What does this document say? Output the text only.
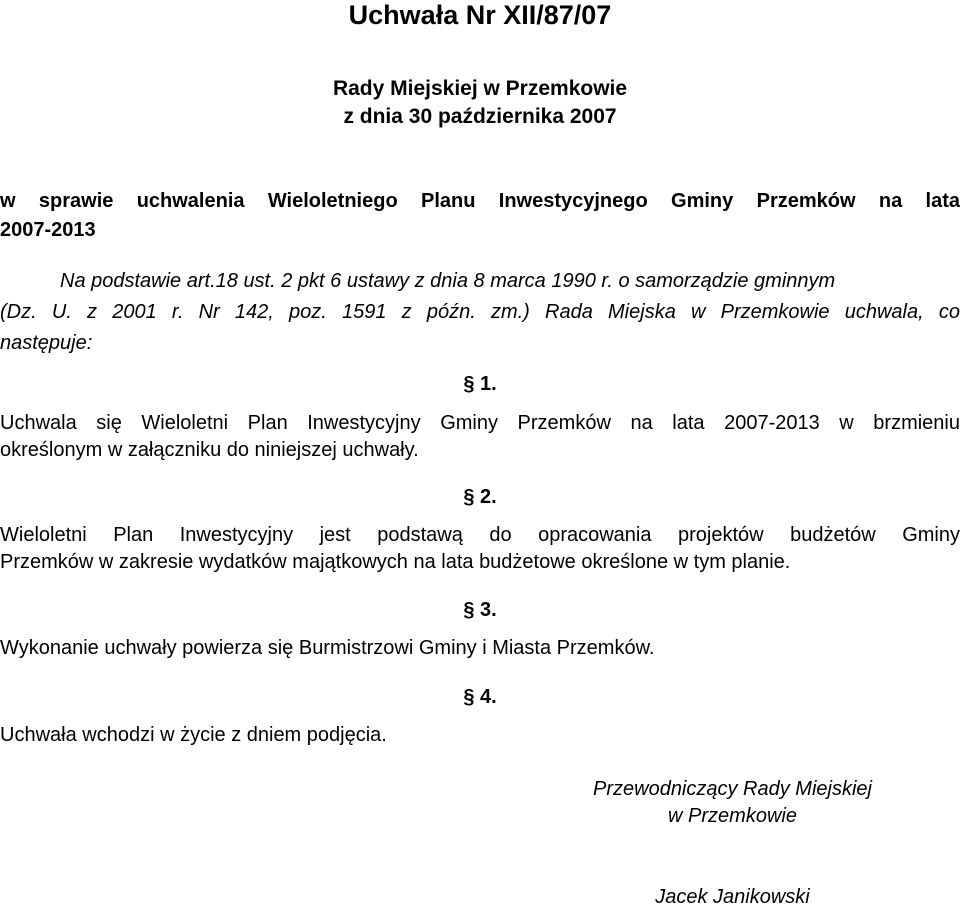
Uchwała Nr XII/87/07
Rady Miejskiej w Przemkowie
z dnia 30 października 2007
w sprawie uchwalenia Wieloletniego Planu Inwestycyjnego Gminy Przemków na lata
2007-2013
Na podstawie art.18 ust. 2 pkt 6 ustawy z dnia 8 marca 1990 r. o samorządzie gminnym
(Dz. U. z 2001 r. Nr 142, poz. 1591 z późn. zm.) Rada Miejska w Przemkowie uchwala, co
następuje:
§ 1.
Uchwala się Wieloletni Plan Inwestycyjny Gminy Przemków na lata 2007-2013 w brzmieniu
określonym w załączniku do niniejszej uchwały.
§ 2.
Wieloletni Plan Inwestycyjny jest podstawą do opracowania projektów budżetów Gminy
Przemków w zakresie wydatków majątkowych na lata budżetowe określone w tym planie.
§ 3.
Wykonanie uchwały powierza się Burmistrzowi Gminy i Miasta Przemków.
§ 4.
Uchwała wchodzi w życie z dniem podjęcia.
Przewodniczący Rady Miejskiej
w Przemkowie
Jacek Janikowski
